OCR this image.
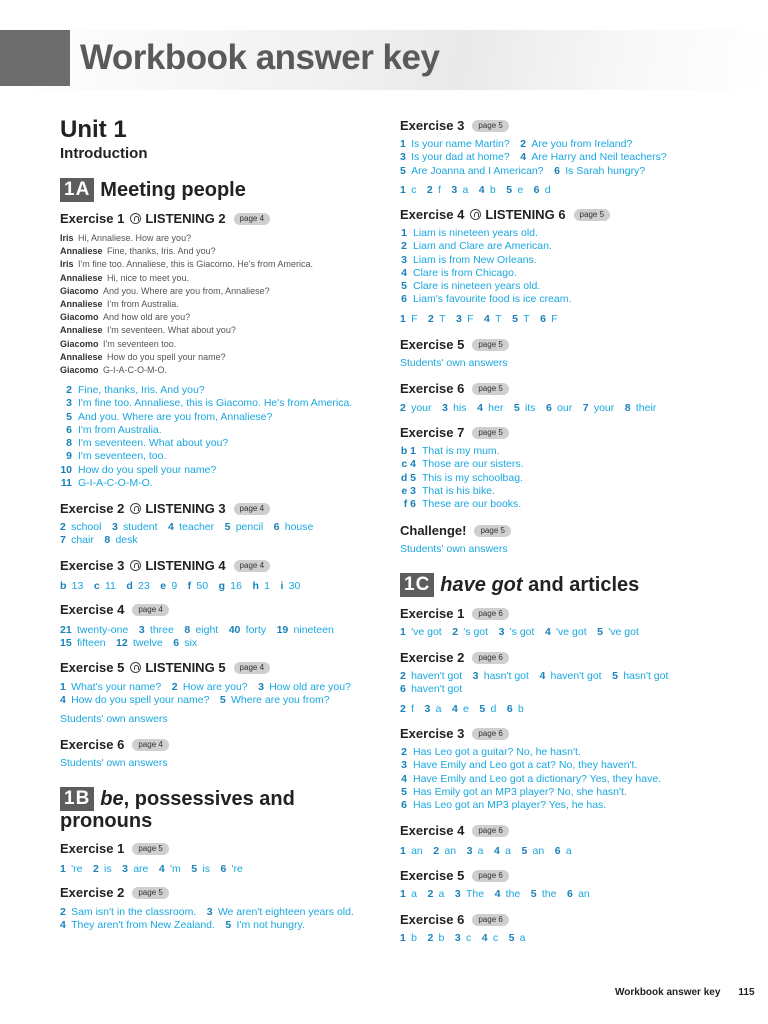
Workbook answer key
Unit 1
Introduction
1A Meeting people
Exercise 1 LISTENING
2	page 4
Iris  Hi, Annaliese. How are you?
Annaliese  Fine, thanks, Iris. And you?
Iris  I'm fine too. Annaliese, this is Giacomo. He's from America.
Annaliese  Hi, nice to meet you.
Giacomo  And you. Where are you from, Annaliese?
Annaliese  I'm from Australia.
Giacomo  And how old are you?
Annaliese  I'm seventeen. What about you?
Giacomo  I'm seventeen too.
Annaliese  How do you spell your name?
Giacomo  G-I-A-C-O-M-O.
2 Fine, thanks, Iris. And you?
3 I'm fine too. Annaliese, this is Giacomo. He's from America.
5 And you. Where are you from, Annaliese?
6 I'm from Australia.
8 I'm seventeen. What about you?
9 I'm seventeen, too.
10 How do you spell your name?
11 G-I-A-C-O-M-O.
Exercise 2 LISTENING
3	page 4
2  school  3  student  4  teacher  5  pencil  6  house
7  chair  8  desk
Exercise 3 LISTENING
4	page 4
b  13  c  11  d  23  e  9  f  50  g  16  h  1  i  30
Exercise 4	page 4
21  twenty-one  3  three  8  eight  40  forty  19  nineteen
15  fifteen  12  twelve  6  six
Exercise 5 LISTENING
5	page 4
1  What's your name?  2  How are you?  3  How old are you?
4  How do you spell your name?  5  Where are you from?
Students' own answers
Exercise 6	page 4
Students' own answers
1B be, possessives and
pronouns
Exercise 1	page 5
1  're  2  is  3  are  4  'm  5  is  6  're
Exercise 2	page 5
2  Sam isn't in the classroom.  3  We aren't eighteen years old.
4  They aren't from New Zealand.  5  I'm not hungry.
Exercise 3	page 5
1  Is your name Martin?  2  Are you from Ireland?
3  Is your dad at home?  4  Are Harry and Neil teachers?
5  Are Joanna and I American?  6  Is Sarah hungry?
1  c  2  f  3  a  4  b  5  e  6  d
Exercise 4 LISTENING
6	page 5
1 Liam is nineteen years old.
2 Liam and Clare are American.
3 Liam is from New Orleans.
4 Clare is from Chicago.
5 Clare is nineteen years old.
6 Liam's favourite food is ice cream.
1  F  2  T  3  F  4  T  5  T  6  F
Exercise 5	page 5
Students' own answers
Exercise 6	page 5
2  your  3  his  4  her  5  its  6  our  7  your  8  their
Exercise 7	page 5
b 1 That is my mum.
c 4 Those are our sisters.
d 5 This is my schoolbag.
e 3 That is his bike.
f 6 These are our books.
Challenge!	page 5
Students' own answers
1C have got and articles
Exercise 1	page 6
1  've got  2  's got  3  's got  4  've got  5  've got
Exercise 2	page 6
2  haven't got  3  hasn't got  4  haven't got  5  hasn't got
6  haven't got
2  f  3  a  4  e  5  d  6  b
Exercise 3	page 6
2 Has Leo got a guitar? No, he hasn't.
3 Have Emily and Leo got a cat? No, they haven't.
4 Have Emily and Leo got a dictionary? Yes, they have.
5 Has Emily got an MP3 player? No, she hasn't.
6 Has Leo got an MP3 player? Yes, he has.
Exercise 4	page 6
1  an  2  an  3  a  4  a  5  an  6  a
Exercise 5	page 6
1  a  2  a  3  The  4  the  5  the  6  an
Exercise 6	page 6
1  b  2  b  3  c  4  c  5  a
Workbook answer key 115
